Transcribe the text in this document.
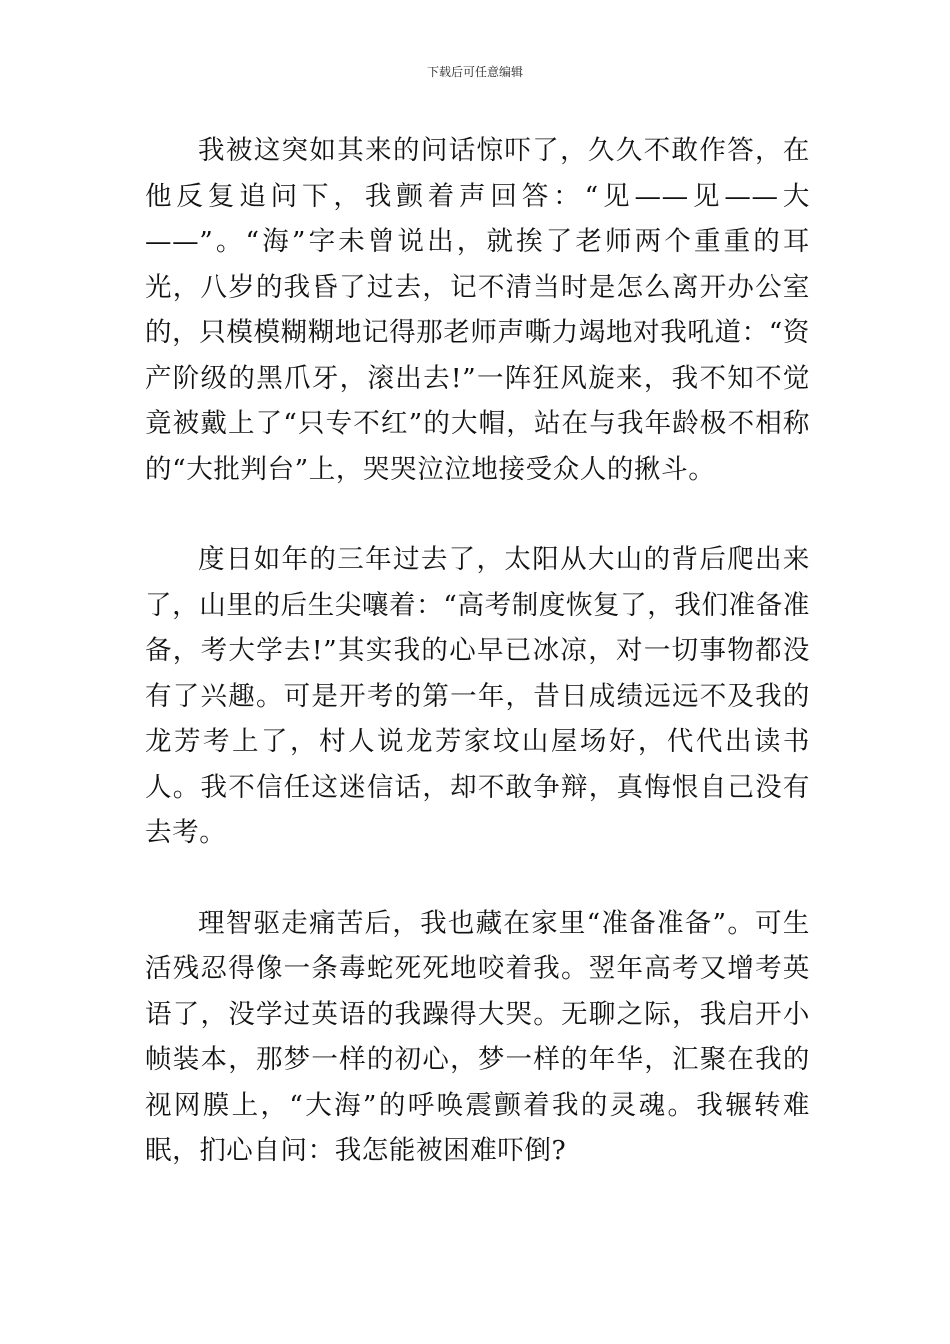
下载后可任意编辑

我被这突如其来的问话惊吓了，久久不敢作答，在他反复追问下，我颤着声回答：“见——见——大——”。“海”字未曾说出，就挨了老师两个重重的耳光，八岁的我昏了过去，记不清当时是怎么离开办公室的，只模模糊糊地记得那老师声嘶力竭地对我吼道：“资产阶级的黑爪牙，滚出去!”一阵狂风旋来，我不知不觉竟被戴上了“只专不红”的大帽，站在与我年龄极不相称的“大批判台”上，哭哭泣泣地接受众人的揪斗。

度日如年的三年过去了，太阳从大山的背后爬出来了，山里的后生尖嚷着：“高考制度恢复了，我们准备准备，考大学去!”其实我的心早已冰凉，对一切事物都没有了兴趣。可是开考的第一年，昔日成绩远远不及我的龙芳考上了，村人说龙芳家坟山屋场好，代代出读书人。我不信任这迷信话，却不敢争辩，真悔恨自己没有去考。

理智驱走痛苦后，我也藏在家里“准备准备”。可生活残忍得像一条毒蛇死死地咬着我。翌年高考又增考英语了，没学过英语的我躁得大哭。无聊之际，我启开小帧装本，那梦一样的初心，梦一样的年华，汇聚在我的视网膜上，“大海”的呼唤震颤着我的灵魂。我辗转难眠，扪心自问：我怎能被困难吓倒?
